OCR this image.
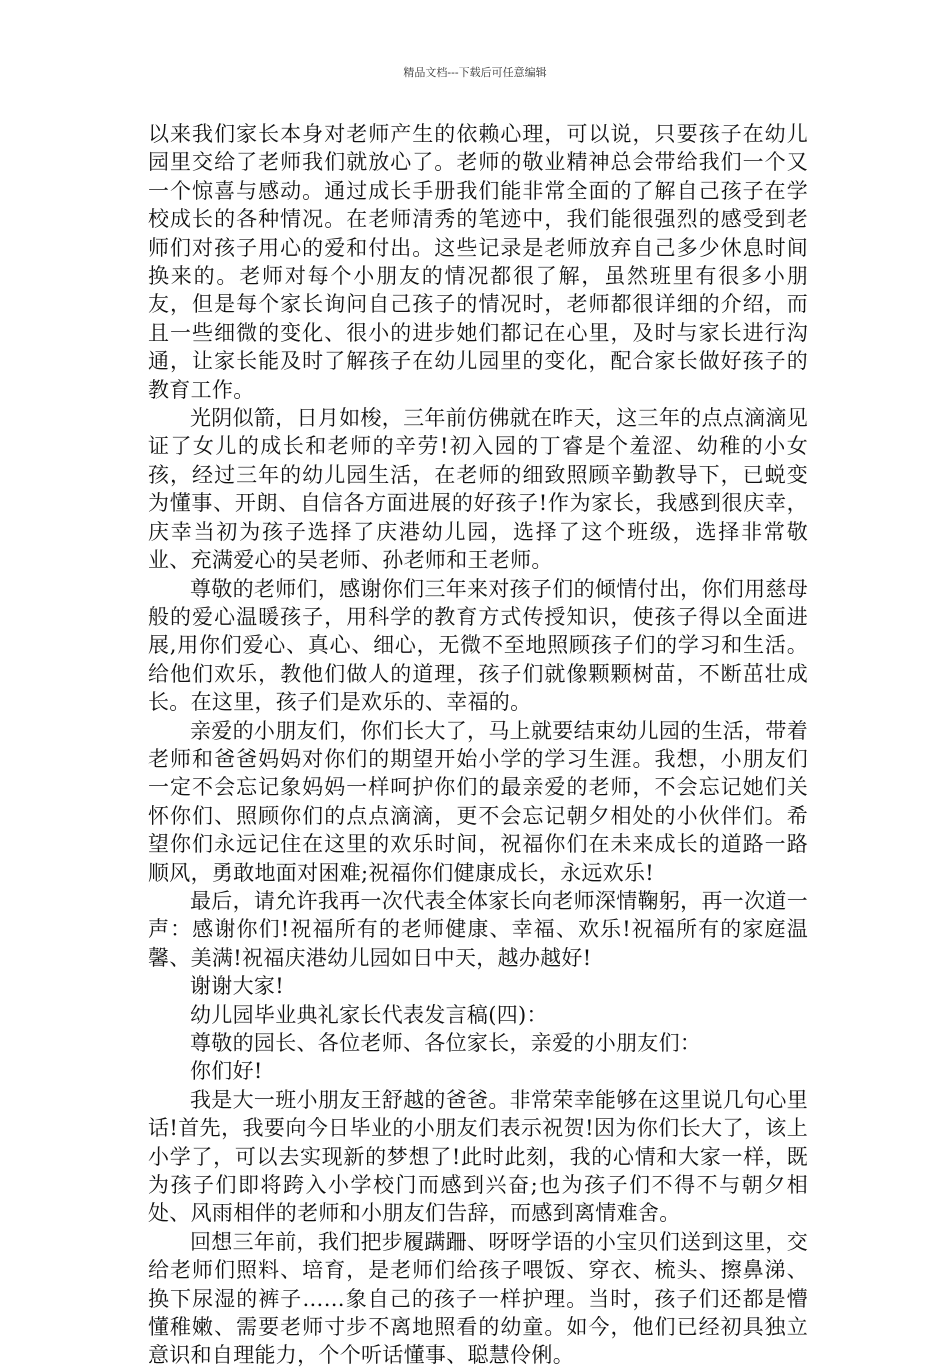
精品文档---下载后可任意编辑

以来我们家长本身对老师产生的依赖心理，可以说，只要孩子在幼儿园里交给了老师我们就放心了。老师的敬业精神总会带给我们一个又一个惊喜与感动。通过成长手册我们能非常全面的了解自己孩子在学校成长的各种情况。在老师清秀的笔迹中，我们能很强烈的感受到老师们对孩子用心的爱和付出。这些记录是老师放弃自己多少休息时间换来的。老师对每个小朋友的情况都很了解，虽然班里有很多小朋友，但是每个家长询问自己孩子的情况时，老师都很详细的介绍，而且一些细微的变化、很小的进步她们都记在心里，及时与家长进行沟通，让家长能及时了解孩子在幼儿园里的变化，配合家长做好孩子的教育工作。

光阴似箭，日月如梭，三年前仿佛就在昨天，这三年的点点滴滴见证了女儿的成长和老师的辛劳!初入园的丁睿是个羞涩、幼稚的小女孩，经过三年的幼儿园生活，在老师的细致照顾辛勤教导下，已蜕变为懂事、开朗、自信各方面进展的好孩子!作为家长，我感到很庆幸，庆幸当初为孩子选择了庆港幼儿园，选择了这个班级，选择非常敬业、充满爱心的吴老师、孙老师和王老师。

尊敬的老师们，感谢你们三年来对孩子们的倾情付出，你们用慈母般的爱心温暖孩子，用科学的教育方式传授知识，使孩子得以全面进展,用你们爱心、真心、细心，无微不至地照顾孩子们的学习和生活。给他们欢乐，教他们做人的道理，孩子们就像颗颗树苗，不断茁壮成长。在这里，孩子们是欢乐的、幸福的。

亲爱的小朋友们，你们长大了，马上就要结束幼儿园的生活，带着老师和爸爸妈妈对你们的期望开始小学的学习生涯。我想，小朋友们一定不会忘记象妈妈一样呵护你们的最亲爱的老师，不会忘记她们关怀你们、照顾你们的点点滴滴，更不会忘记朝夕相处的小伙伴们。希望你们永远记住在这里的欢乐时间，祝福你们在未来成长的道路一路顺风，勇敢地面对困难;祝福你们健康成长，永远欢乐!

最后，请允许我再一次代表全体家长向老师深情鞠躬，再一次道一声：感谢你们!祝福所有的老师健康、幸福、欢乐!祝福所有的家庭温馨、美满!祝福庆港幼儿园如日中天，越办越好!

谢谢大家!

幼儿园毕业典礼家长代表发言稿(四)：

尊敬的园长、各位老师、各位家长，亲爱的小朋友们：

你们好!

我是大一班小朋友王舒越的爸爸。非常荣幸能够在这里说几句心里话!首先，我要向今日毕业的小朋友们表示祝贺!因为你们长大了，该上小学了，可以去实现新的梦想了!此时此刻，我的心情和大家一样，既为孩子们即将跨入小学校门而感到兴奋;也为孩子们不得不与朝夕相处、风雨相伴的老师和小朋友们告辞，而感到离情难舍。

回想三年前，我们把步履蹒跚、呀呀学语的小宝贝们送到这里，交给老师们照料、培育，是老师们给孩子喂饭、穿衣、梳头、擦鼻涕、换下尿湿的裤子……象自己的孩子一样护理。当时，孩子们还都是懵懂稚嫩、需要老师寸步不离地照看的幼童。如今，他们已经初具独立意识和自理能力，个个听话懂事、聪慧伶俐。
